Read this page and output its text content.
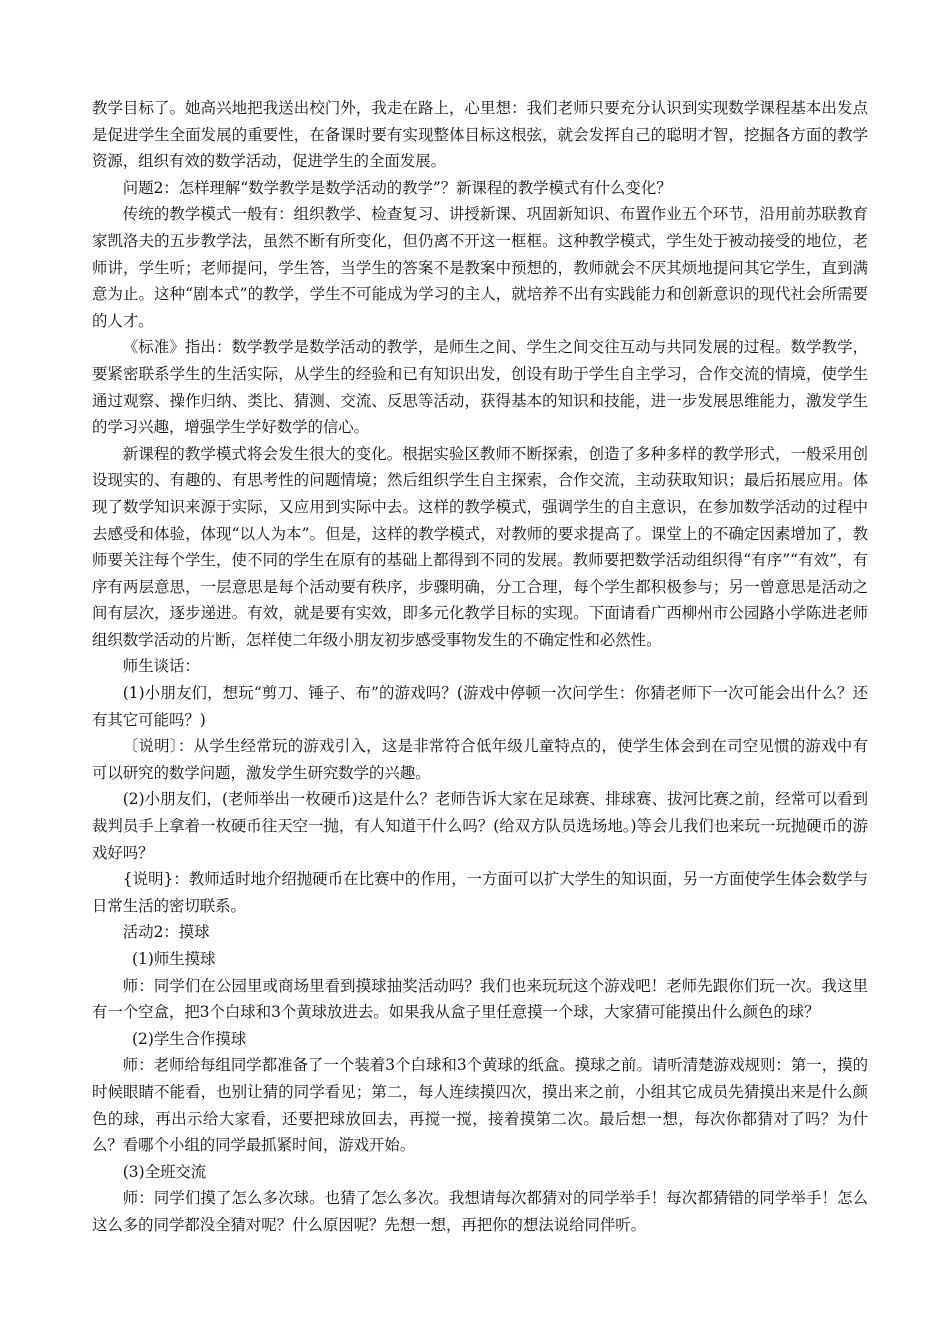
教学目标了。她高兴地把我送出校门外，我走在路上，心里想：我们老师只要充分认识到实现数学课程基本出发点是促进学生全面发展的重要性，在备课时要有实现整体目标这根弦，就会发挥自己的聪明才智，挖掘各方面的教学资源，组织有效的数学活动，促进学生的全面发展。

问题2：怎样理解“数学教学是数学活动的教学”？新课程的教学模式有什么变化？

传统的教学模式一般有：组织教学、检查复习、讲授新课、巩固新知识、布置作业五个环节，沿用前苏联教育家凯洛夫的五步教学法，虽然不断有所变化，但仍离不开这一框框。这种教学模式，学生处于被动接受的地位，老师讲，学生听；老师提问，学生答，当学生的答案不是教案中预想的，教师就会不厌其烦地提问其它学生，直到满意为止。这种“剧本式”的教学，学生不可能成为学习的主人，就培养不出有实践能力和创新意识的现代社会所需要的人才。

《标准》指出：数学教学是数学活动的教学，是师生之间、学生之间交往互动与共同发展的过程。数学教学，要紧密联系学生的生活实际，从学生的经验和已有知识出发，创设有助于学生自主学习，合作交流的情境，使学生通过观察、操作归纳、类比、猜测、交流、反思等活动，获得基本的知识和技能，进一步发展思维能力，激发学生的学习兴趣，增强学生学好数学的信心。

新课程的教学模式将会发生很大的变化。根据实验区教师不断探索，创造了多种多样的教学形式，一般采用创设现实的、有趣的、有思考性的问题情境；然后组织学生自主探索，合作交流，主动获取知识；最后拓展应用。体现了数学知识来源于实际，又应用到实际中去。这样的教学模式，强调学生的自主意识，在参加数学活动的过程中去感受和体验，体现“以人为本”。但是，这样的教学模式，对教师的要求提高了。课堂上的不确定因素增加了，教师要关注每个学生，使不同的学生在原有的基础上都得到不同的发展。教师要把数学活动组织得“有序”“有效”，有序有两层意思，一层意思是每个活动要有秩序，步骤明确，分工合理，每个学生都积极参与；另一曾意思是活动之间有层次，逐步递进。有效，就是要有实效，即多元化教学目标的实现。下面请看广西柳州市公园路小学陈进老师组织数学活动的片断，怎样使二年级小朋友初步感受事物发生的不确定性和必然性。

师生谈话：

(1)小朋友们，想玩“剪刀、锤子、布”的游戏吗？(游戏中停顿一次问学生：你猜老师下一次可能会出什么？还有其它可能吗？)

〔说明〕：从学生经常玩的游戏引入，这是非常符合低年级儿童特点的，使学生体会到在司空见惯的游戏中有可以研究的数学问题，激发学生研究数学的兴趣。

(2)小朋友们，(老师举出一枚硬币)这是什么？老师告诉大家在足球赛、排球赛、拔河比赛之前，经常可以看到裁判员手上拿着一枚硬币往天空一抛，有人知道干什么吗？(给双方队员选场地。)等会儿我们也来玩一玩抛硬币的游戏好吗？

{说明}：教师适时地介绍抛硬币在比赛中的作用，一方面可以扩大学生的知识面，另一方面使学生体会数学与日常生活的密切联系。

活动2：摸球

(1)师生摸球

师：同学们在公园里或商场里看到摸球抽奖活动吗？我们也来玩玩这个游戏吧！老师先跟你们玩一次。我这里有一个空盒，把3个白球和3个黄球放进去。如果我从盒子里任意摸一个球，大家猜可能摸出什么颜色的球？

(2)学生合作摸球

师：老师给每组同学都准备了一个装着3个白球和3个黄球的纸盒。摸球之前。请听清楚游戏规则：第一，摸的时候眼睛不能看，也别让猜的同学看见；第二，每人连续摸四次，摸出来之前，小组其它成员先猜摸出来是什么颜色的球，再出示给大家看，还要把球放回去，再搅一搅，接着摸第二次。最后想一想，每次你都猜对了吗？为什么？看哪个小组的同学最抓紧时间，游戏开始。

(3)全班交流

师：同学们摸了怎么多次球。也猜了怎么多次。我想请每次都猜对的同学举手！每次都猜错的同学举手！怎么这么多的同学都没全猜对呢？什么原因呢？先想一想，再把你的想法说给同伴听。
